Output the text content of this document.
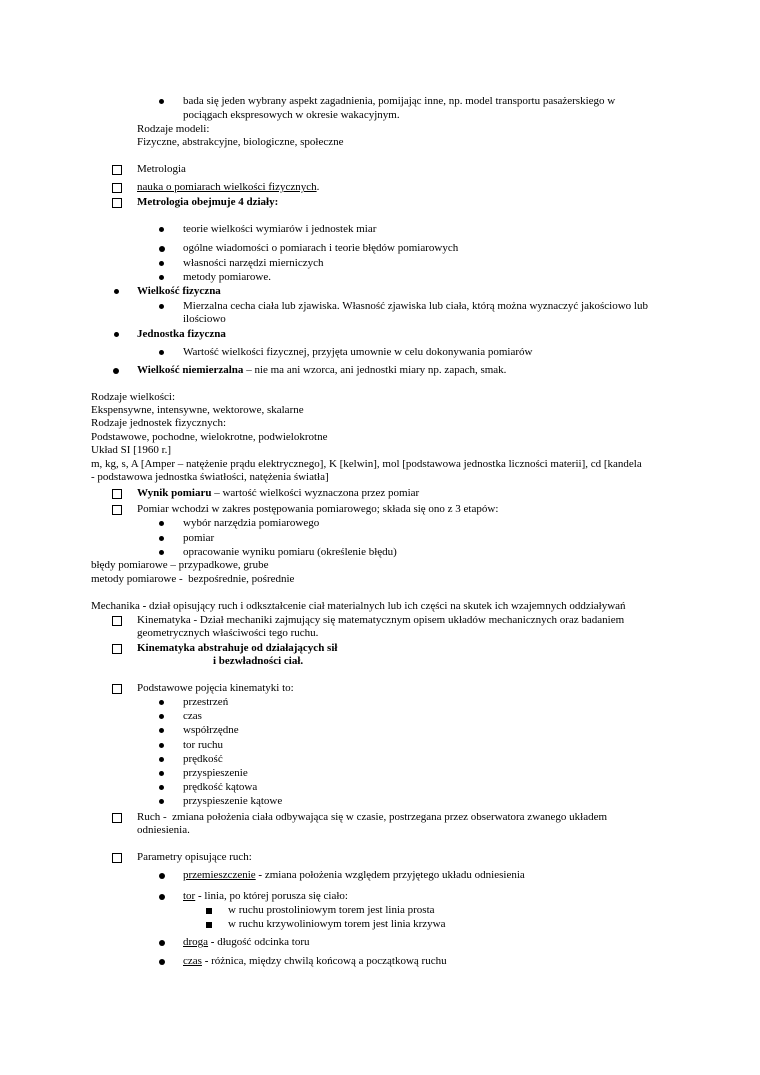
bada się jeden wybrany aspekt zagadnienia, pomijając inne, np. model transportu pasażerskiego w
pociągach ekspresowych w okresie wakacyjnym.
Rodzaje modeli:
Fizyczne, abstrakcyjne, biologiczne, społeczne
Metrologia
nauka o pomiarach wielkości fizycznych.
Metrologia obejmuje 4 działy:
teorie wielkości wymiarów i jednostek miar
ogólne wiadomości o pomiarach i teorie błędów pomiarowych
własności narzędzi mierniczych
metody pomiarowe.
Wielkość fizyczna
Mierzalna cecha ciała lub zjawiska. Własność zjawiska lub ciała, którą można wyznaczyć jakościowo lub
ilościowo
Jednostka fizyczna
Wartość wielkości fizycznej, przyjęta umownie w celu dokonywania pomiarów
Wielkość niemierzalna – nie ma ani wzorca, ani jednostki miary np. zapach, smak.
Rodzaje wielkości:
Ekspensywne, intensywne, wektorowe, skalarne
Rodzaje jednostek fizycznych:
Podstawowe, pochodne, wielokrotne, podwielokrotne
Układ SI [1960 r.]
m, kg, s, A [Amper – natężenie prądu elektrycznego], K [kelwin], mol [podstawowa jednostka liczności materii], cd [kandela
- podstawowa jednostka światłości, natężenia światła]
Wynik pomiaru – wartość wielkości wyznaczona przez pomiar
Pomiar wchodzi w zakres postępowania pomiarowego; składa się ono z 3 etapów:
wybór narzędzia pomiarowego
pomiar
opracowanie wyniku pomiaru (określenie błędu)
błędy pomiarowe – przypadkowe, grube
metody pomiarowe -  bezpośrednie, pośrednie
Mechanika - dział opisujący ruch i odkształcenie ciał materialnych lub ich części na skutek ich wzajemnych oddziaływań
Kinematyka - Dział mechaniki zajmujący się matematycznym opisem układów mechanicznych oraz badaniem
geometrycznych właściwości tego ruchu.
Kinematyka abstrahuje od działających sił
i bezwładności ciał.
Podstawowe pojęcia kinematyki to:
przestrzeń
czas
współrzędne
tor ruchu
prędkość
przyspieszenie
prędkość kątowa
przyspieszenie kątowe
Ruch -  zmiana położenia ciała odbywająca się w czasie, postrzegana przez obserwatora zwanego układem
odniesienia.
Parametry opisujące ruch:
przemieszczenie - zmiana położenia względem przyjętego układu odniesienia
tor - linia, po której porusza się ciało:
w ruchu prostoliniowym torem jest linia prosta
w ruchu krzywoliniowym torem jest linia krzywa
droga - długość odcinka toru
czas - różnica, między chwilą końcową a początkową ruchu
